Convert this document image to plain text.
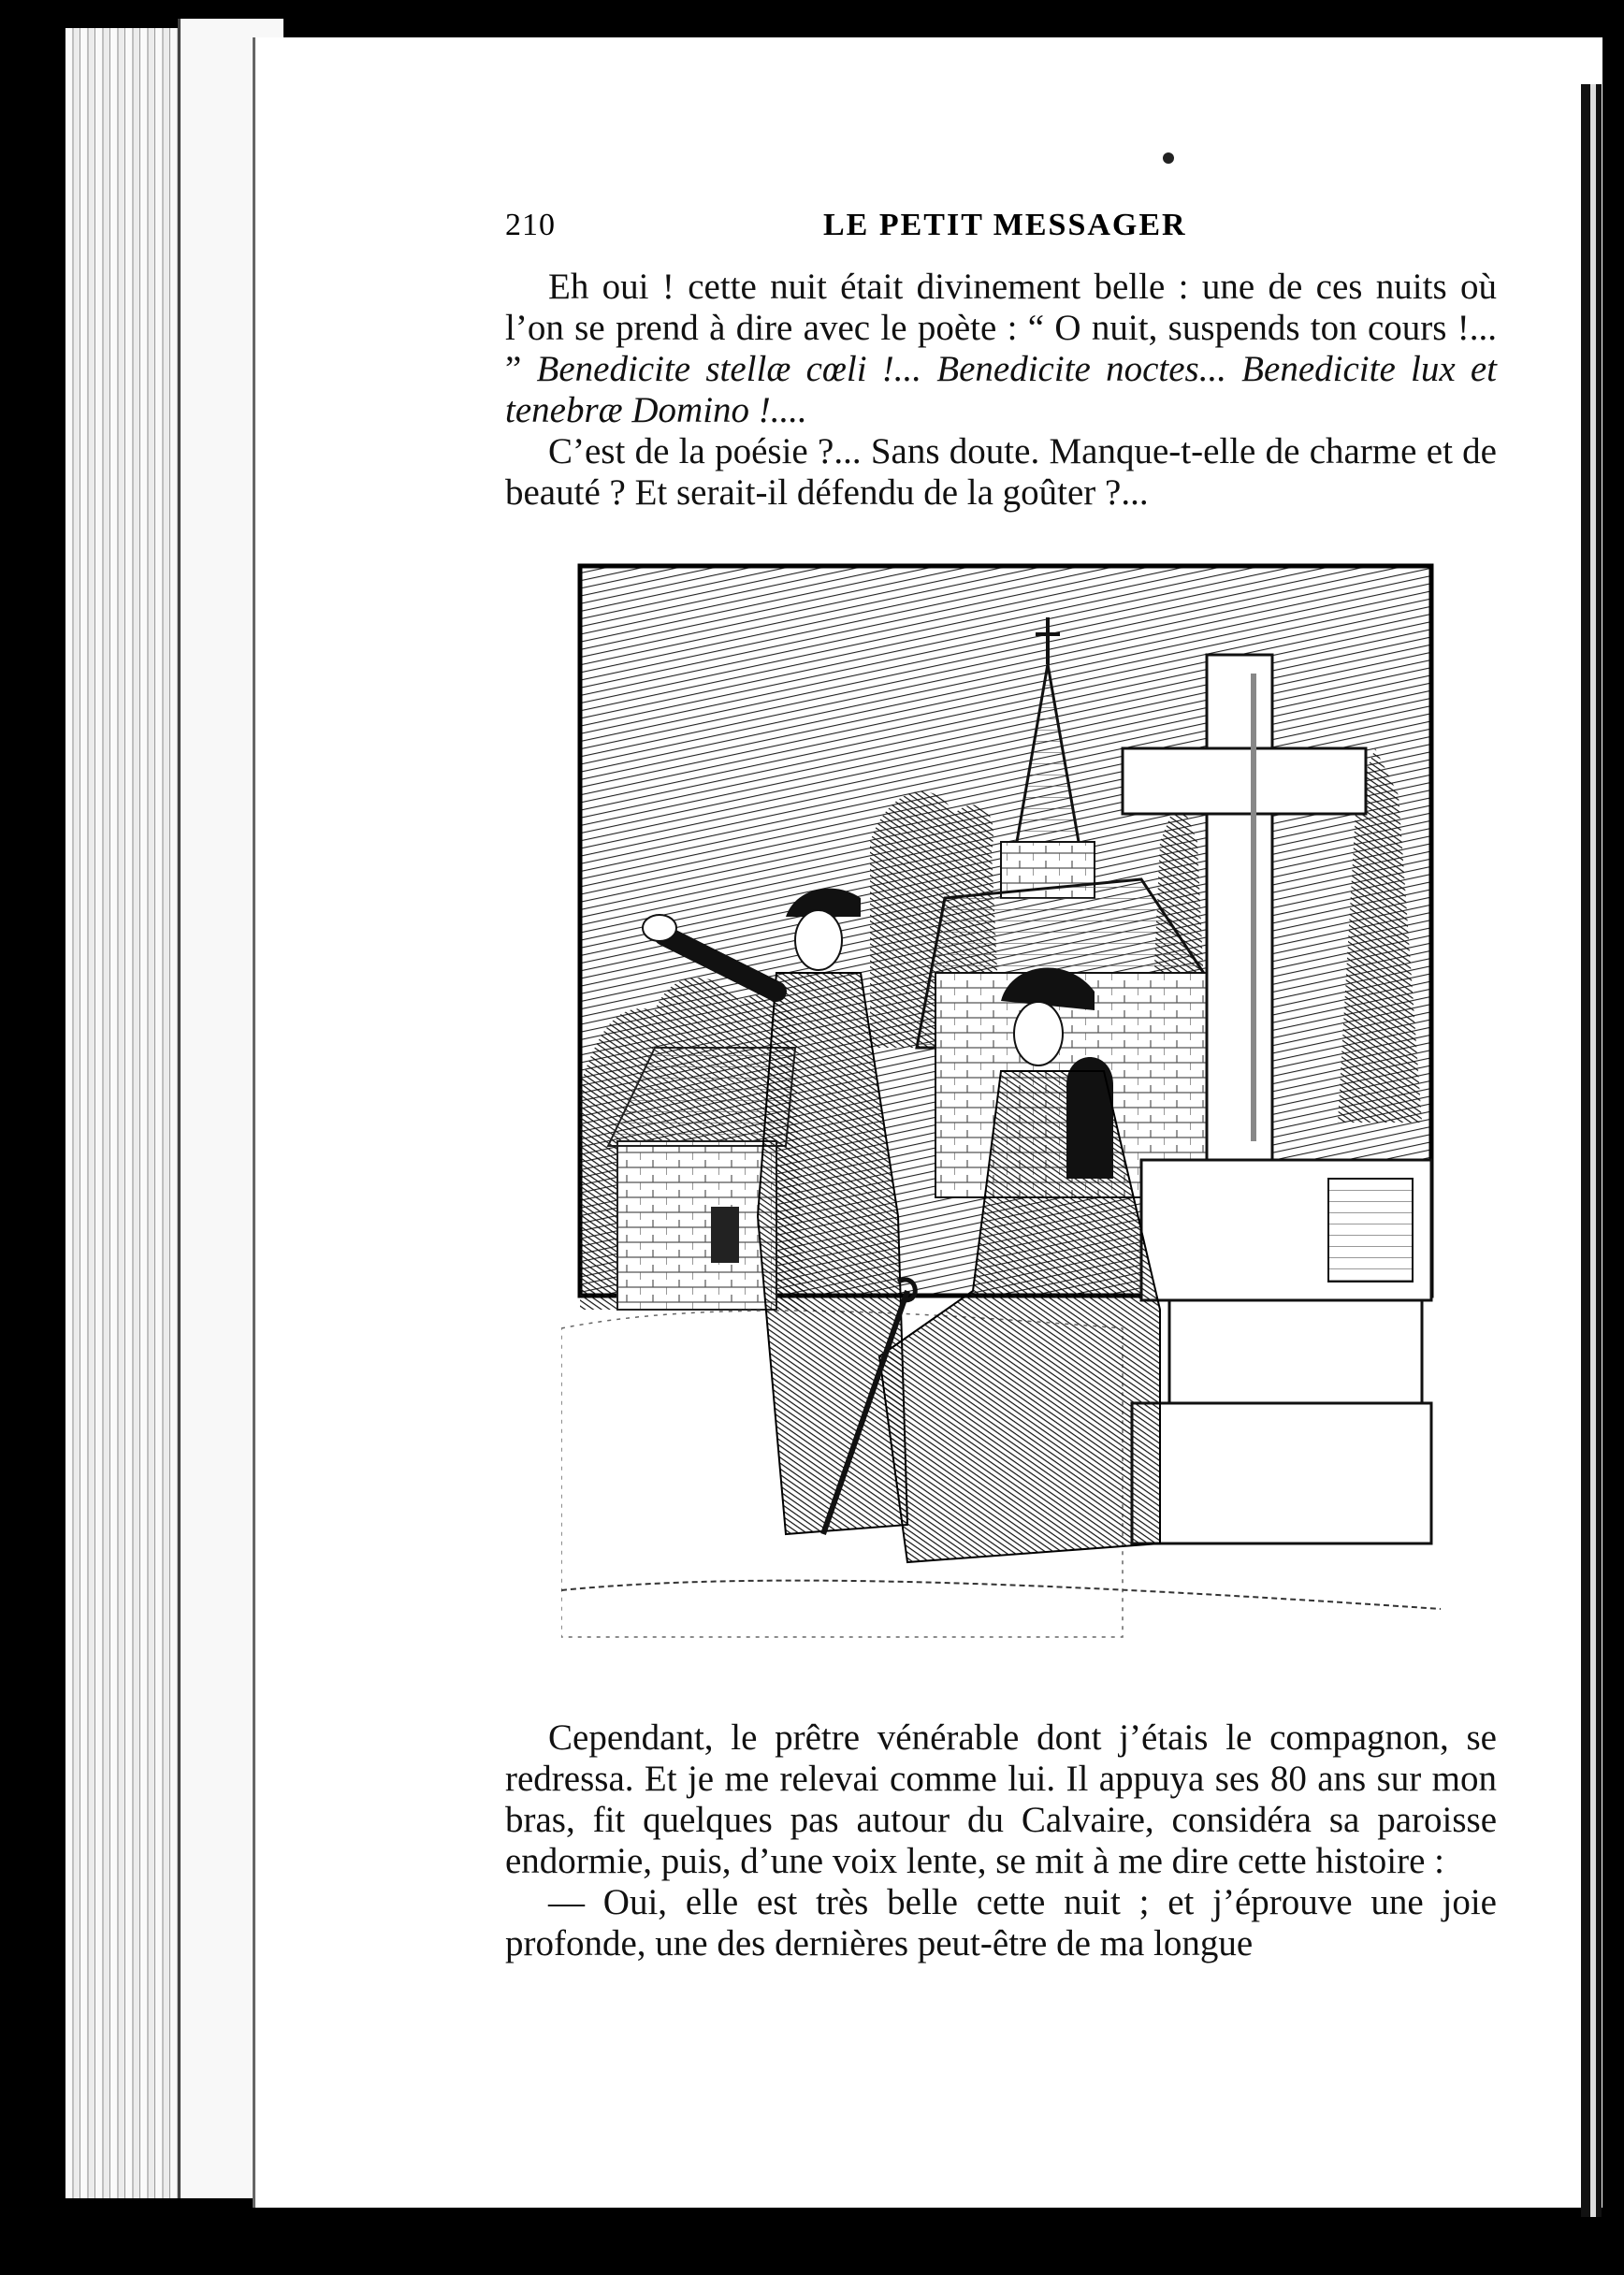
210	LE PETIT MESSAGER

Eh oui ! cette nuit était divinement belle : une de ces nuits où l’on se prend à dire avec le poète : “ O nuit, suspends ton cours !... ” Benedicite stellæ cœli !... Benedicite noctes... Benedicite lux et tenebræ Domino !....

C’est de la poésie ?... Sans doute. Manque-t-elle de charme et de beauté ? Et serait-il défendu de la goûter ?...

Cependant, le prêtre vénérable dont j’étais le compagnon, se redressa. Et je me relevai comme lui. Il appuya ses 80 ans sur mon bras, fit quelques pas autour du Calvaire, considéra sa paroisse endormie, puis, d’une voix lente, se mit à me dire cette histoire :

— Oui, elle est très belle cette nuit ; et j’éprouve une joie profonde, une des dernières peut-être de ma longue
